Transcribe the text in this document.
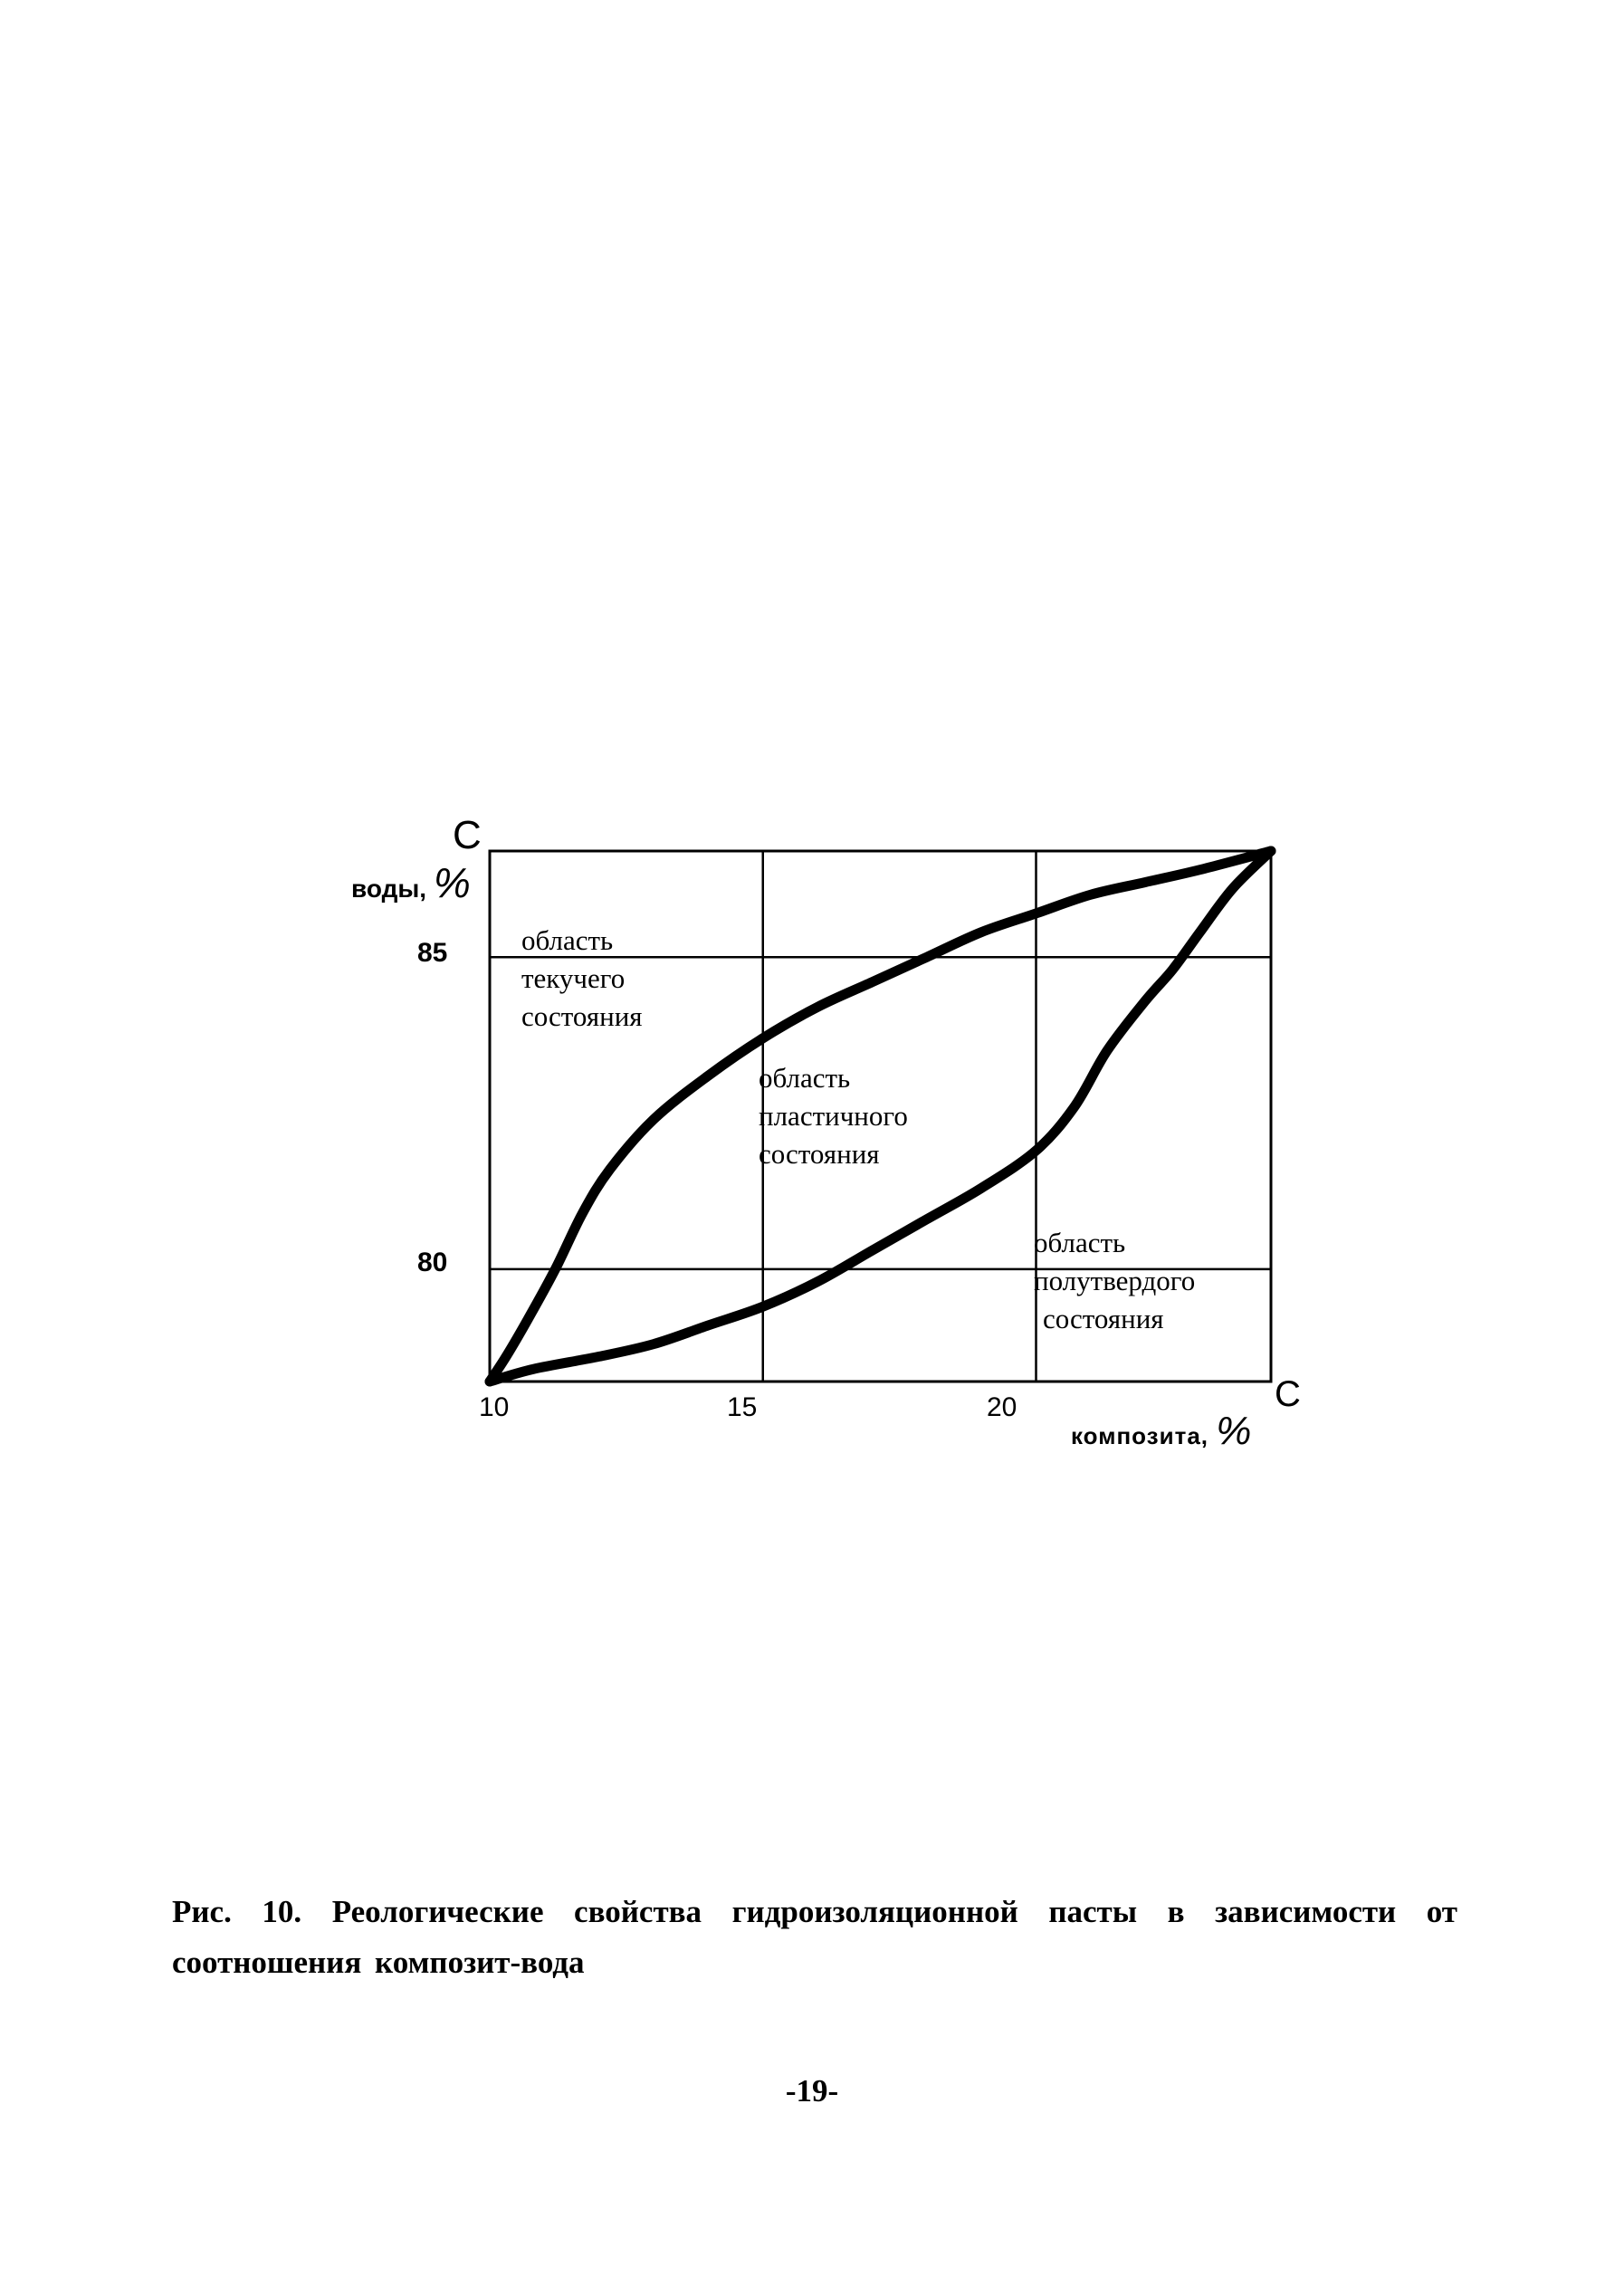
C
воды, %
85
80
10	15	20
композита, %
C
область
текучего
состояния
область
пластичного
состояния
область
полутвердого
состояния
Рис. 10. Реологические свойства гидроизоляционной пасты в зависимости от соотношения композит-вода
-19-
